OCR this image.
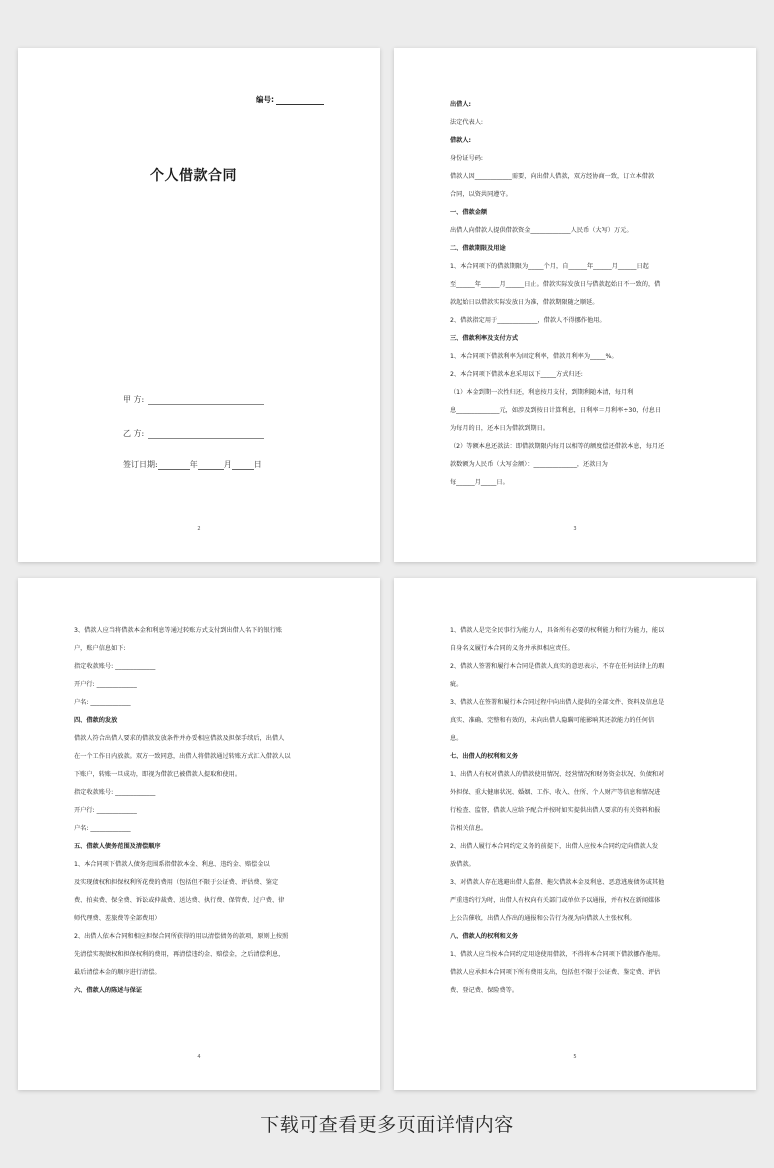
编号:
个人借款合同
甲 方:
乙 方:
签订日期:	年	月	日
2

出借人:

法定代表人:

借款人:

身份证号码:

借款人因____________需要，向出借人借款，双方经协商一致，订立本借款

合同，以资共同遵守。

一、借款金额

出借人向借款人提供借款资金_____________人民币（大写）万元。

二、借款期限及用途

1、本合同项下的借款期限为_____个月，自______年______月______日起

至______年______月______日止。借款实际发放日与借款起始日不一致的，借

款起始日以借款实际发放日为准，借款期限随之顺延。

2、借款指定用于_____________，借款人不得挪作他用。

三、借款利率及支付方式

1、本合同项下借款利率为固定利率，借款月利率为_____%。

2、本合同项下借款本息采用以下_____方式归还:

（1）本金到期一次性归还，利息按月支付，到期利随本清，每月利

息______________元，如涉及到按日计算利息，日利率＝月利率÷30，付息日

为每月的日，还本日为借款到期日。

（2）等额本息还款法：即借款期限内每月以相等的额度偿还借款本息，每月还

款数额为人民币（大写金额）：______________，还款日为

每______月_____日。

3

3、借款人应当将借款本金和利息等通过转账方式支付到出借人名下的银行账

户，账户信息如下:

指定收款账号: _____________

开户行: _____________

户名: _____________

四、借款的发放

借款人符合出借人要求的借款发放条件并办妥相应借款及担保手续后，出借人

在一个工作日内放款。双方一致同意，出借人将借款通过转账方式汇入借款人以

下账户，转账一旦成功，即视为借款已被借款人提取和使用。

指定收款账号: _____________

开户行: _____________

户名: _____________

五、借款人债务范围及清偿顺序

1、本合同项下借款人债务范围系指借款本金、利息、违约金、赔偿金以

及实现债权和担保权利所花费的费用（包括但不限于公证费、评估费、鉴定

费、拍卖费、保全费、诉讼或仲裁费、送达费、执行费、保管费、过户费、律

师代理费、差旅费等全部费用）

2、出借人依本合同和相应担保合同所获得的用以清偿债务的款项，原则上按照

先清偿实现债权和担保权利的费用，再清偿违约金、赔偿金，之后清偿利息，

最后清偿本金的顺序进行清偿。

六、借款人的陈述与保证

4

1、借款人是完全民事行为能力人，具备所有必要的权利能力和行为能力，能以

自身名义履行本合同的义务并承担相应责任。

2、借款人签署和履行本合同是借款人真实的意思表示，不存在任何法律上的瑕

疵。

3、借款人在签署和履行本合同过程中向出借人提供的全部文件、资料及信息是

真实、准确、完整和有效的，未向出借人隐瞒可能影响其还款能力的任何信

息。

七、出借人的权利和义务

1、出借人有权对借款人的借款使用情况、经营情况和财务资金状况、负债和对

外担保、重大健康状况、婚姻、工作、收入、住所、个人财产等信息和情况进

行检查、监督，借款人应给予配合并按时如实提供出借人要求的有关资料和报

告相关信息。

2、出借人履行本合同约定义务的前提下，出借人应按本合同约定向借款人发

放借款。

3、对借款人存在逃避出借人监督、拖欠借款本金及利息、恶意逃废债务或其他

严重违约行为时，出借人有权向有关部门或单位予以通报，并有权在新闻媒体

上公告催收，出借人作出的通报和公告行为视为向借款人主张权利。

八、借款人的权利和义务

1、借款人应当按本合同约定用途使用借款，不得将本合同项下借款挪作他用。

借款人应承担本合同项下所有费用支出，包括但不限于公证费、鉴定费、评估

费、登记费、保险费等。

5
下载可查看更多页面详情内容
